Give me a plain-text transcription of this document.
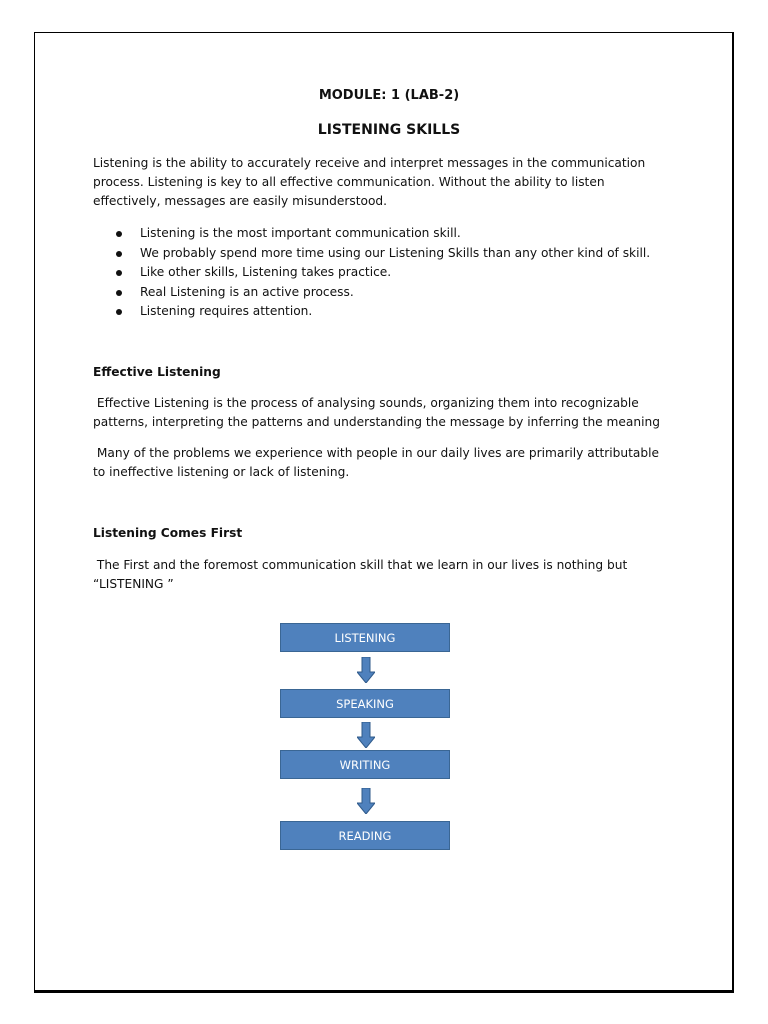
MODULE: 1 (LAB-2)
LISTENING SKILLS
Listening is the ability to accurately receive and interpret messages in the communication process. Listening is key to all effective communication. Without the ability to listen effectively, messages are easily misunderstood.
Listening is the most important communication skill.
We probably spend more time using our Listening Skills than any other kind of skill.
Like other skills, Listening takes practice.
Real Listening is an active process.
Listening requires attention.
Effective Listening
Effective Listening is the process of analysing sounds, organizing them into recognizable patterns, interpreting the patterns and understanding the message by inferring the meaning
Many of the problems we experience with people in our daily lives are primarily attributable to ineffective listening or lack of listening.
Listening Comes First
The First and the foremost communication skill that we learn in our lives is nothing but “LISTENING ”
LISTENING
SPEAKING
WRITING
READING
